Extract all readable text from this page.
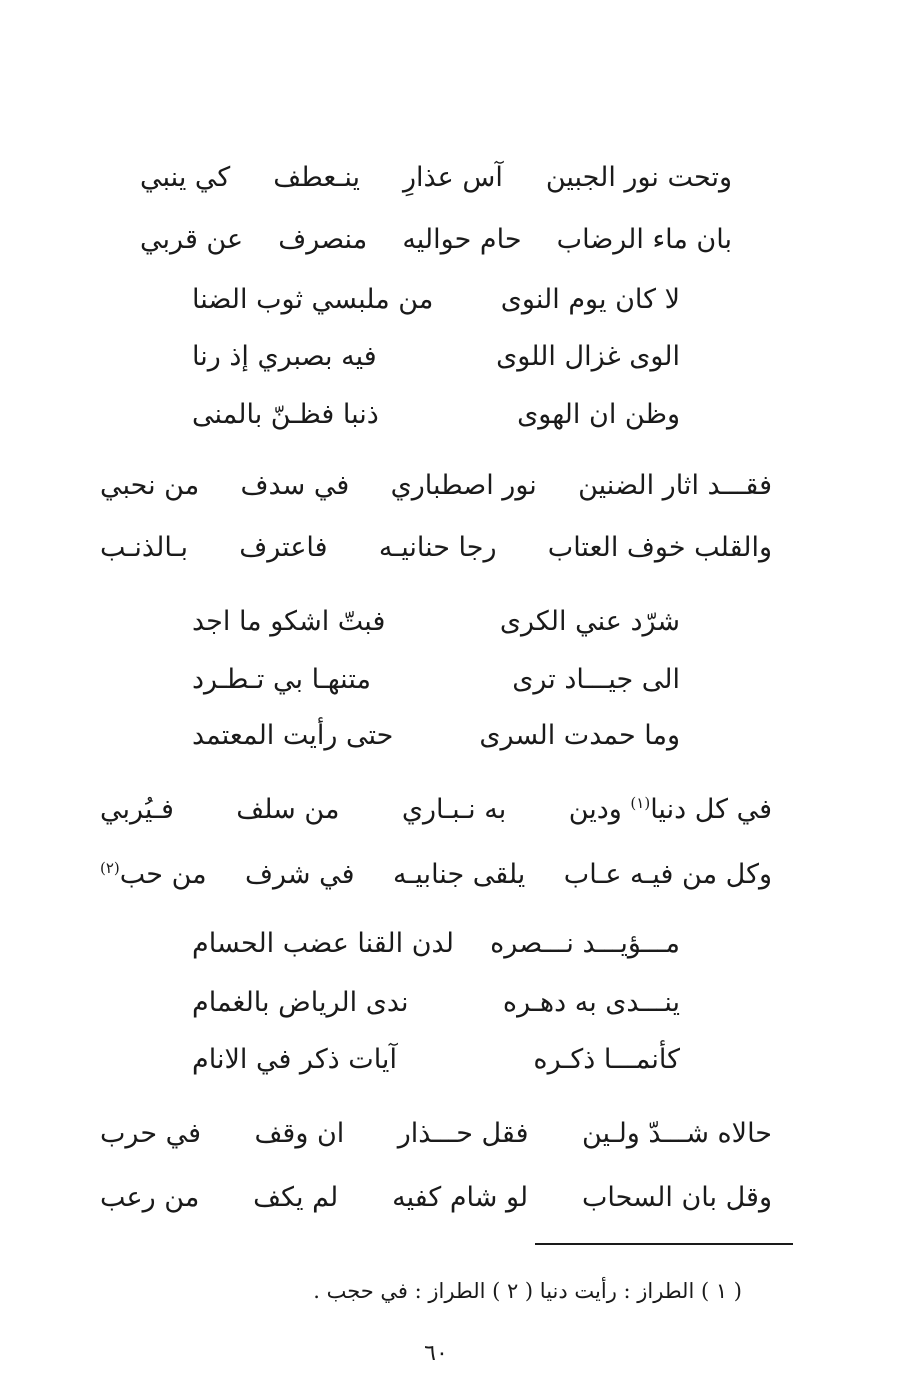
وتحت نور الجبين
آس عذارِ
ينـعطف
كي ينبي
بان ماء الرضاب
حام حواليه
منصرف
عن قربي
لا كان يوم النوى
من ملبسي ثوب الضنا
الوى غزال اللوى
فيه بصبري إذ رنا
وظن ان الهوى
ذنبا فظـنّ بالمنى
فقـــد اثار الضنين
نور اصطباري
في سدف
من نحبي
والقلب خوف العتاب
رجا حنانيـه
فاعترف
بـالذنـب
شرّد عني الكرى
فبتّ اشكو ما اجد
الى جيـــاد ترى
متنهـا بي تـطـرد
وما حمدت السرى
حتى رأيت المعتمد
في كل دنيا$^{(١)}$ ودين
به نـبـاري
من سلف
فـيُربي
وكل من فيـه عـاب
يلقى جنابيـه
في شرف
من حب$^{(٢)}$
مـــؤيـــد نـــصره
لدن القنا عضب الحسام
ينـــدى به دهـره
ندى الرياض بالغمام
كأنمـــا ذكـره
آيات ذكر في الانام
حالاه شـــدّ ولـين
فقل حـــذار
ان وقف
في حرب
وقل بان السحاب
لو شام كفيه
لم يكف
من رعب
( ١ ) الطراز : رأيت دنيا ( ٢ ) الطراز : في حجب .
٦٠
